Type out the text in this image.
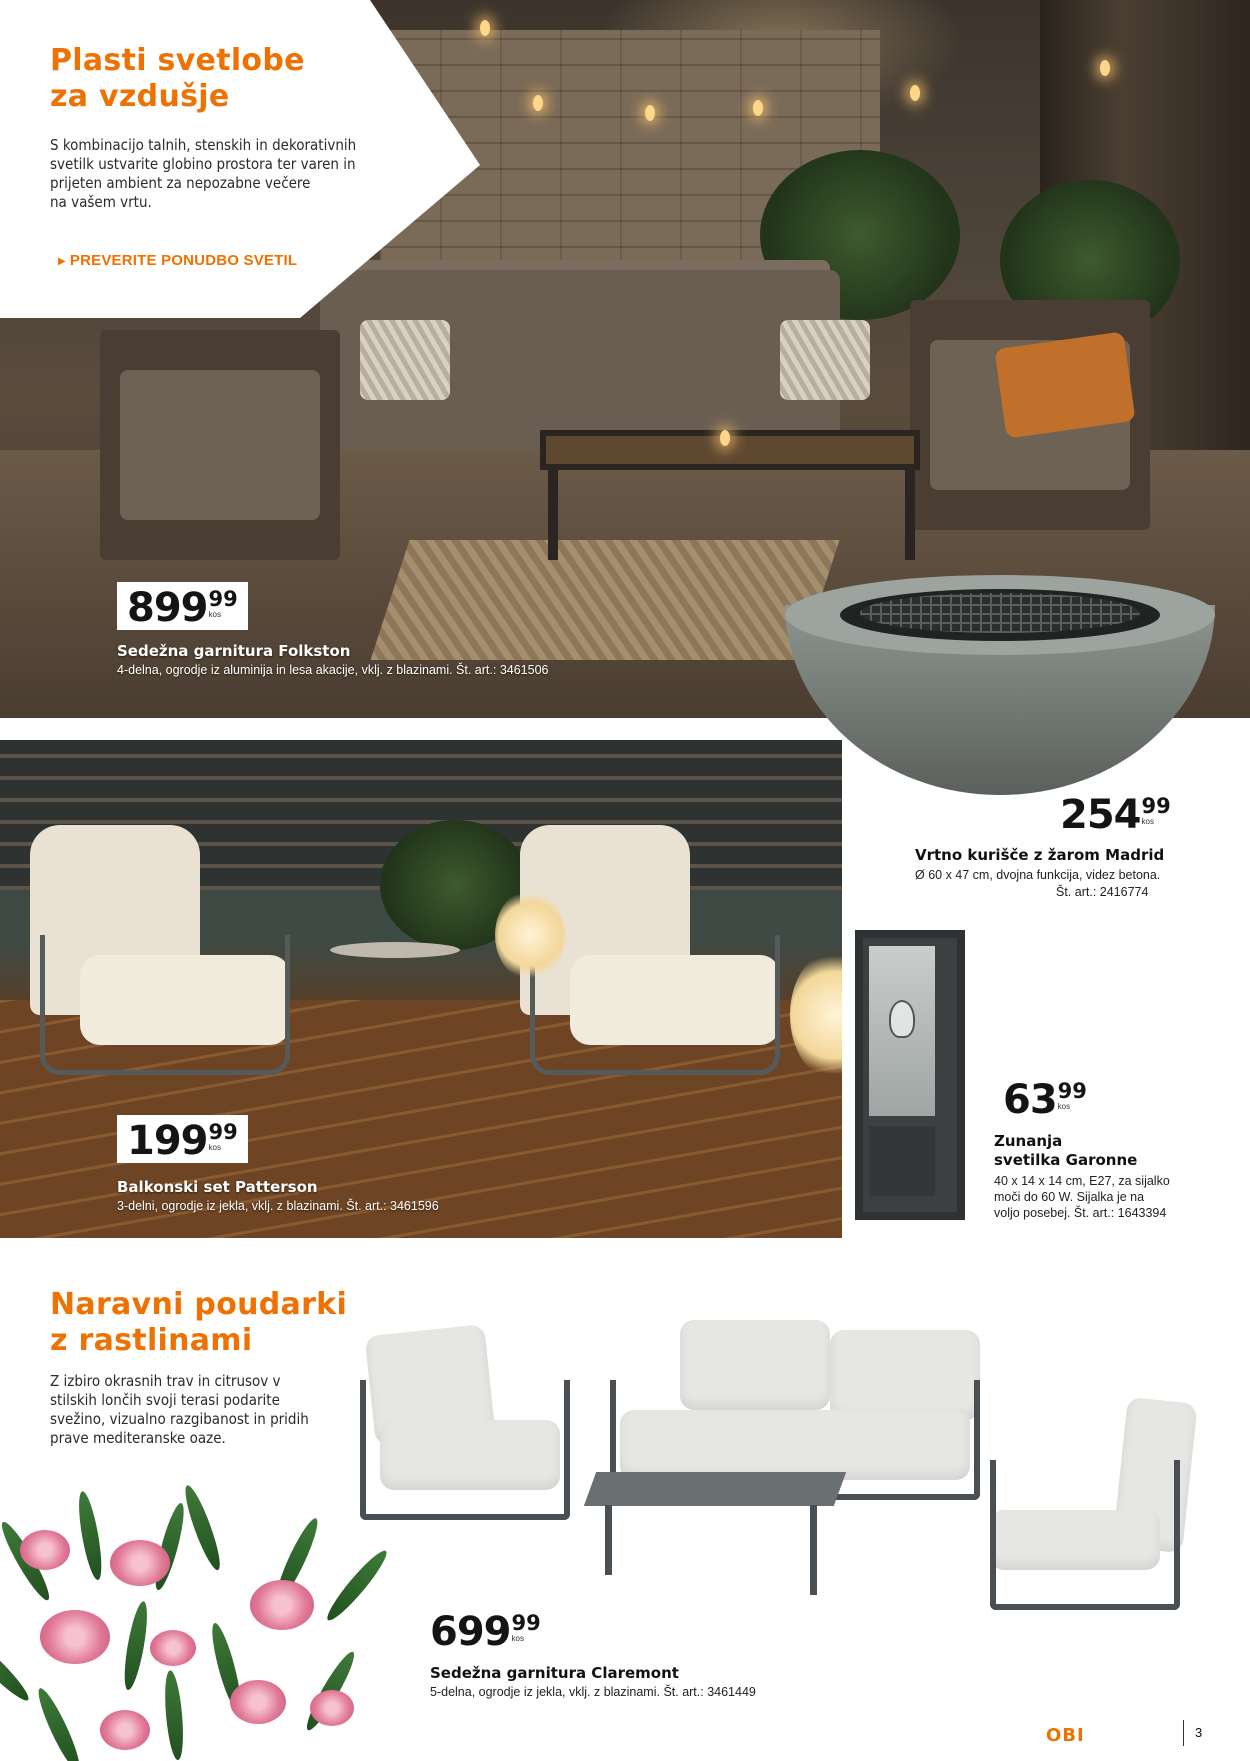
Plasti svetlobe
za vzdušje
S kombinacijo talnih, stenskih in dekorativnih
svetilk ustvarite globino prostora ter varen in
prijeten ambient za nepozabne večere
na vašem vrtu.
▶ PREVERITE PONUDBO SVETIL
899 99
kos
Sedežna garnitura Folkston
4-delna, ogrodje iz aluminija in lesa akacije, vklj. z blazinami. Št. art.: 3461506
254 99
kos
Vrtno kurišče z žarom Madrid
Ø 60 x 47 cm, dvojna funkcija, videz betona.
Št. art.: 2416774
199 99
kos
Balkonski set Patterson
3-delni, ogrodje iz jekla, vklj. z blazinami. Št. art.: 3461596
63 99
kos
Zunanja
svetilka Garonne
40 x 14 x 14 cm, E27, za sijalko
moči do 60 W. Sijalka je na
voljo posebej. Št. art.: 1643394
Naravni poudarki
z rastlinami
Z izbiro okrasnih trav in citrusov v
stilskih lončih svoji terasi podarite
svežino, vizualno razgibanost in pridih
prave mediteranske oaze.
699 99
kos
Sedežna garnitura Claremont
5-delna, ogrodje iz jekla, vklj. z blazinami. Št. art.: 3461449
OBI	3
